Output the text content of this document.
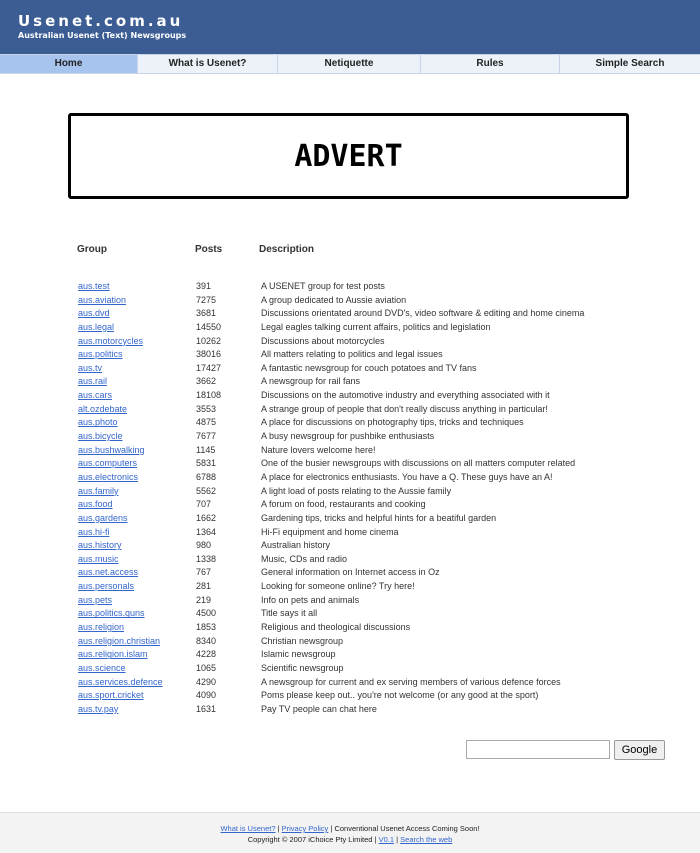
Usenet.com.au
Australian Usenet (Text) Newsgroups
Home	What is Usenet?	Netiquette	Rules	Simple Search
ADVERT
Group	Posts	Description
aus.test	391	A USENET group for test posts
aus.aviation	7275	A group dedicated to Aussie aviation
aus.dvd	3681	Discussions orientated around DVD's, video software & editing and home cinema
aus.legal	14550	Legal eagles talking current affairs, politics and legislation
aus.motorcycles	10262	Discussions about motorcycles
aus.politics	38016	All matters relating to politics and legal issues
aus.tv	17427	A fantastic newsgroup for couch potatoes and TV fans
aus.rail	3662	A newsgroup for rail fans
aus.cars	18108	Discussions on the automotive industry and everything associated with it
alt.ozdebate	3553	A strange group of people that don't really discuss anything in particular!
aus.photo	4875	A place for discussions on photography tips, tricks and techniques
aus.bicycle	7677	A busy newsgroup for pushbike enthusiasts
aus.bushwalking	1145	Nature lovers welcome here!
aus.computers	5831	One of the busier newsgroups with discussions on all matters computer related
aus.electronics	6788	A place for electronics enthusiasts. You have a Q. These guys have an A!
aus.family	5562	A light load of posts relating to the Aussie family
aus.food	707	A forum on food, restaurants and cooking
aus.gardens	1662	Gardening tips, tricks and helpful hints for a beatiful garden
aus.hi-fi	1364	Hi-Fi equipment and home cinema
aus.history	980	Australian history
aus.music	1338	Music, CDs and radio
aus.net.access	767	General information on Internet access in Oz
aus.personals	281	Looking for someone online? Try here!
aus.pets	219	Info on pets and animals
aus.politics.guns	4500	Title says it all
aus.religion	1853	Religious and theological discussions
aus.religion.christian	8340	Christian newsgroup
aus.religion.islam	4228	Islamic newsgroup
aus.science	1065	Scientific newsgroup
aus.services.defence	4290	A newsgroup for current and ex serving members of various defence forces
aus.sport.cricket	4090	Poms please keep out.. you're not welcome (or any good at the sport)
aus.tv.pay	1631	Pay TV people can chat here
Google
What is Usenet? | Privacy Policy | Conventional Usenet Access Coming Soon!
Copyright © 2007 iChoice Pty Limited | V0.1 | Search the web
